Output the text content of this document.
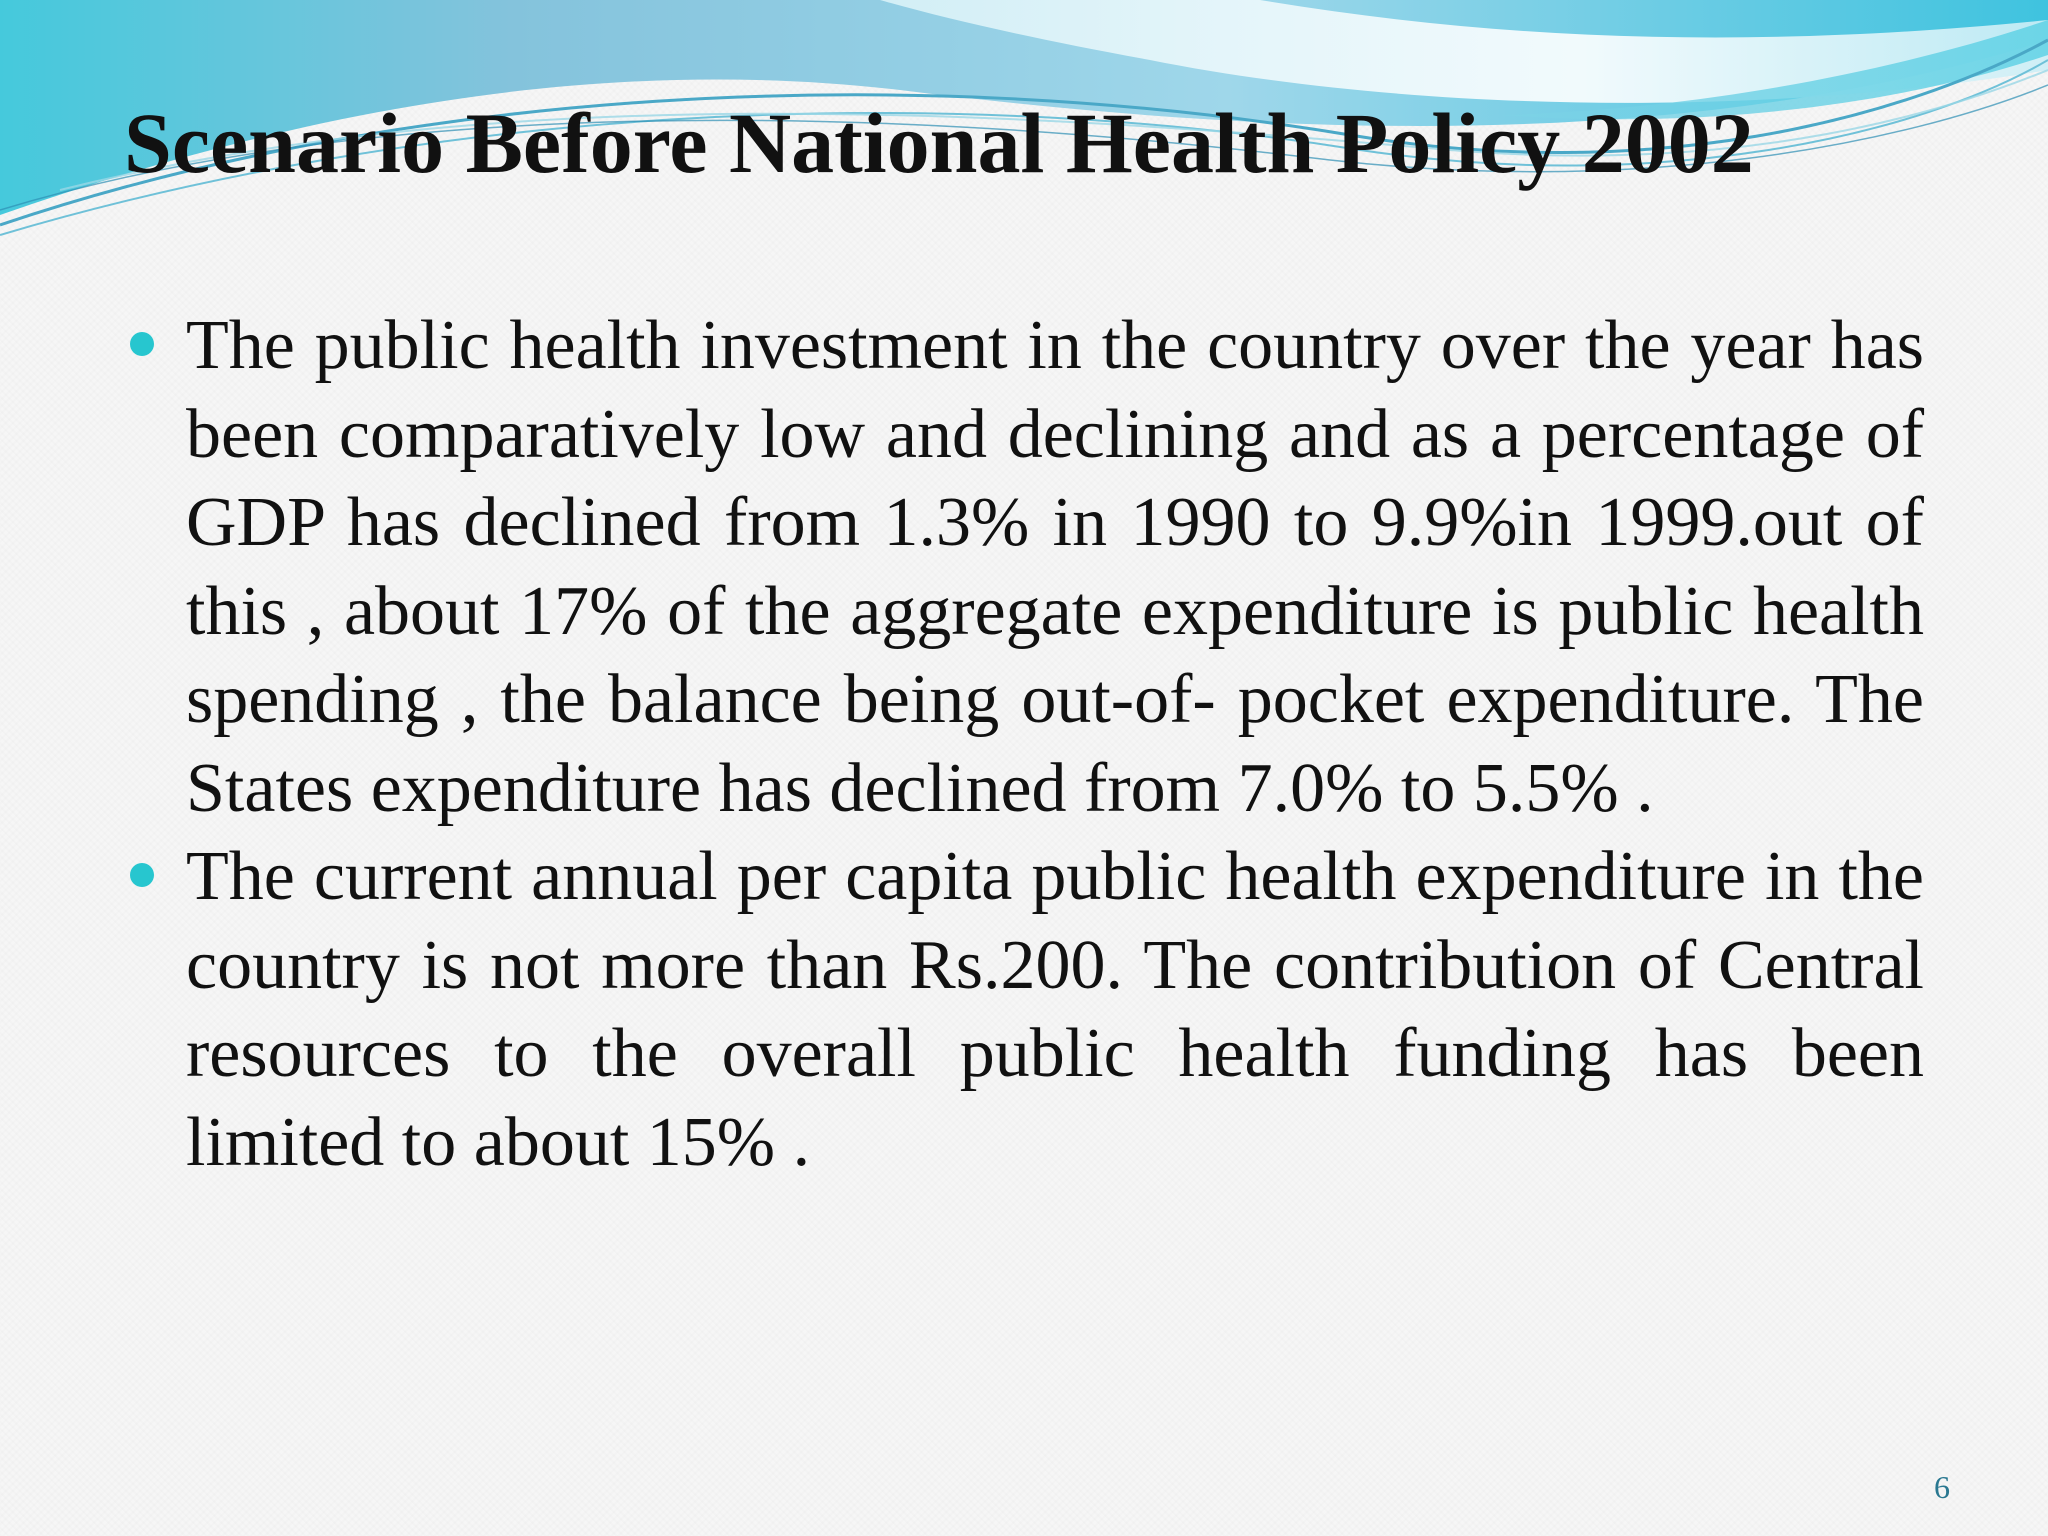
Scenario Before National Health Policy 2002
The public health investment in the country over the year has been comparatively low and declining and as a percentage of GDP has declined from 1.3% in 1990 to 9.9%in 1999.out of this , about 17% of the aggregate expenditure is public health spending , the balance being out-of- pocket expenditure. The States expenditure has declined from 7.0% to 5.5% .
The current annual per capita public health expenditure in the country is not more than Rs.200. The contribution of Central resources to the overall public health funding has been limited to about 15% .
6
